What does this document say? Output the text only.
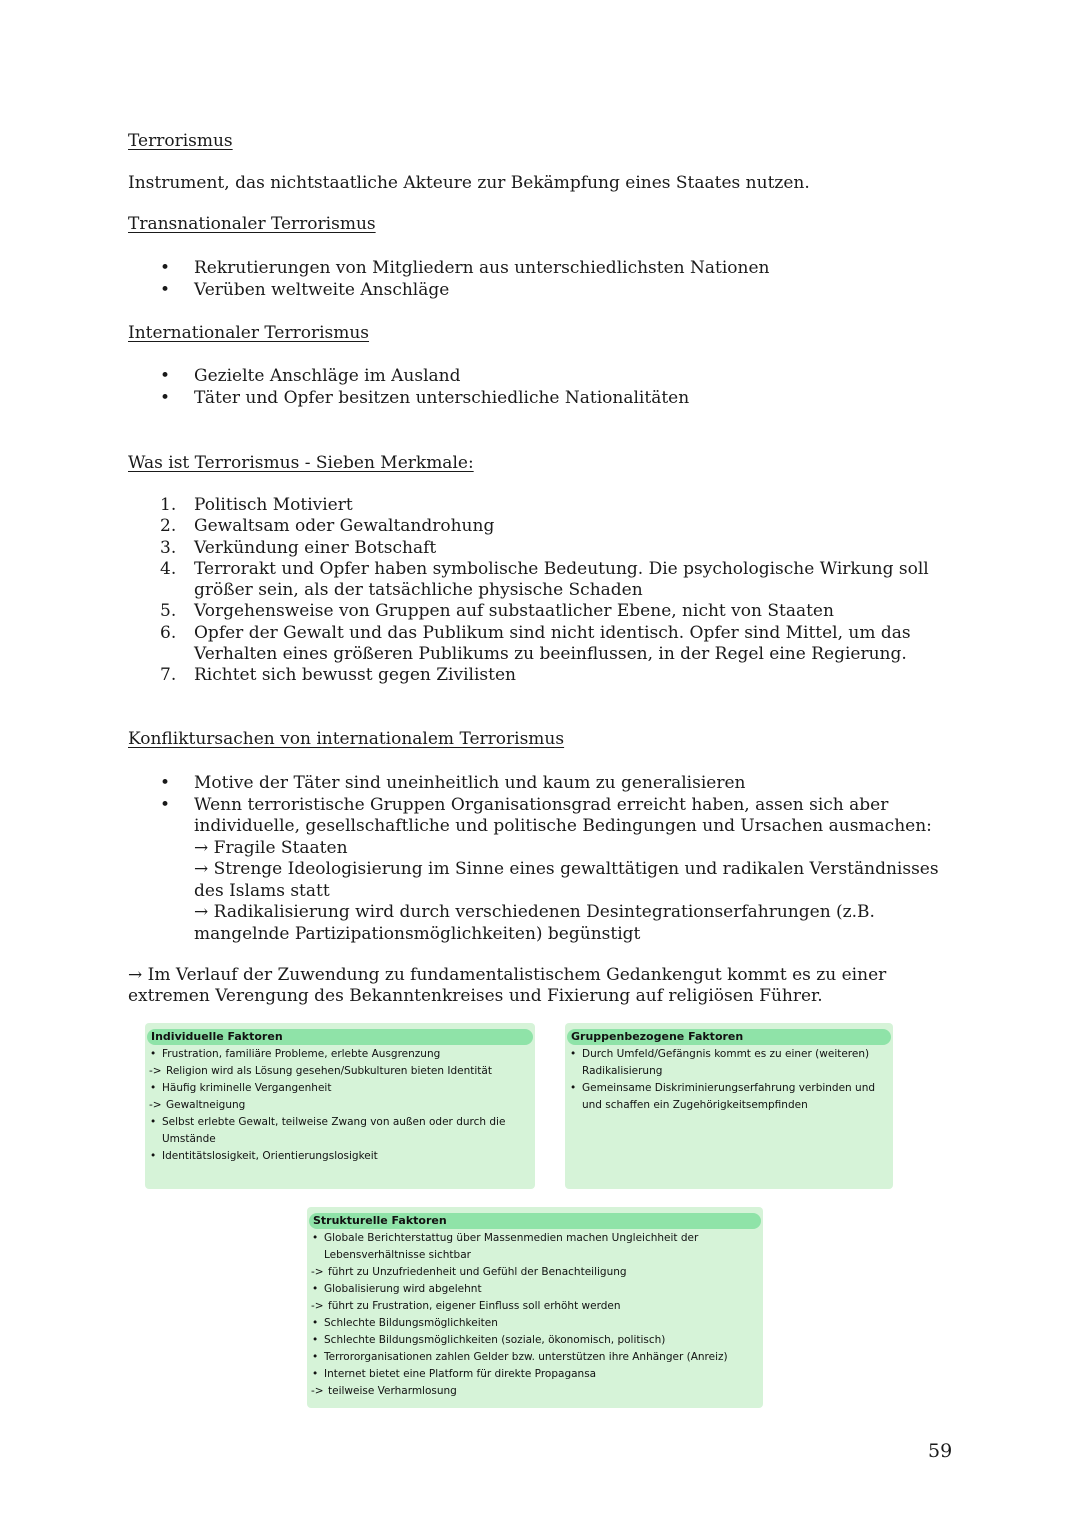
Terrorismus
Instrument, das nichtstaatliche Akteure zur Bekämpfung eines Staates nutzen.
Transnationaler Terrorismus
• Rekrutierungen von Mitgliedern aus unterschiedlichsten Nationen
• Verüben weltweite Anschläge
Internationaler Terrorismus
• Gezielte Anschläge im Ausland
• Täter und Opfer besitzen unterschiedliche Nationalitäten
Was ist Terrorismus - Sieben Merkmale:
1. Politisch Motiviert
2. Gewaltsam oder Gewaltandrohung
3. Verkündung einer Botschaft
4. Terrorakt und Opfer haben symbolische Bedeutung. Die psychologische Wirkung soll größer sein, als der tatsächliche physische Schaden
5. Vorgehensweise von Gruppen auf substaatlicher Ebene, nicht von Staaten
6. Opfer der Gewalt und das Publikum sind nicht identisch. Opfer sind Mittel, um das Verhalten eines größeren Publikums zu beeinflussen, in der Regel eine Regierung.
7. Richtet sich bewusst gegen Zivilisten
Konfliktursachen von internationalem Terrorismus
• Motive der Täter sind uneinheitlich und kaum zu generalisieren
• Wenn terroristische Gruppen Organisationsgrad erreicht haben, assen sich aber individuelle, gesellschaftliche und politische Bedingungen und Ursachen ausmachen:
→ Fragile Staaten
→ Strenge Ideologisierung im Sinne eines gewalttätigen und radikalen Verständnisses des Islams statt
→ Radikalisierung wird durch verschiedenen Desintegrationserfahrungen (z.B. mangelnde Partizipationsmöglichkeiten) begünstigt
→ Im Verlauf der Zuwendung zu fundamentalistischem Gedankengut kommt es zu einer extremen Verengung des Bekanntenkreises und Fixierung auf religiösen Führer.
Individuelle Faktoren
• Frustration, familiäre Probleme, erlebte Ausgrenzung
-> Religion wird als Lösung gesehen/Subkulturen bieten Identität
• Häufig kriminelle Vergangenheit
-> Gewaltneigung
• Selbst erlebte Gewalt, teilweise Zwang von außen oder durch die Umstände
• Identitätslosigkeit, Orientierungslosigkeit
Gruppenbezogene Faktoren
• Durch Umfeld/Gefängnis kommt es zu einer (weiteren) Radikalisierung
• Gemeinsame Diskriminierungserfahrung verbinden und und schaffen ein Zugehörigkeitsempfinden
Strukturelle Faktoren
• Globale Berichterstattug über Massenmedien machen Ungleichheit der Lebensverhältnisse sichtbar
-> führt zu Unzufriedenheit und Gefühl der Benachteiligung
• Globalisierung wird abgelehnt
-> führt zu Frustration, eigener Einfluss soll erhöht werden
• Schlechte Bildungsmöglichkeiten
• Schlechte Bildungsmöglichkeiten (soziale, ökonomisch, politisch)
• Terrororganisationen zahlen Gelder bzw. unterstützen ihre Anhänger (Anreiz)
• Internet bietet eine Platform für direkte Propagansa
-> teilweise Verharmlosung
59
